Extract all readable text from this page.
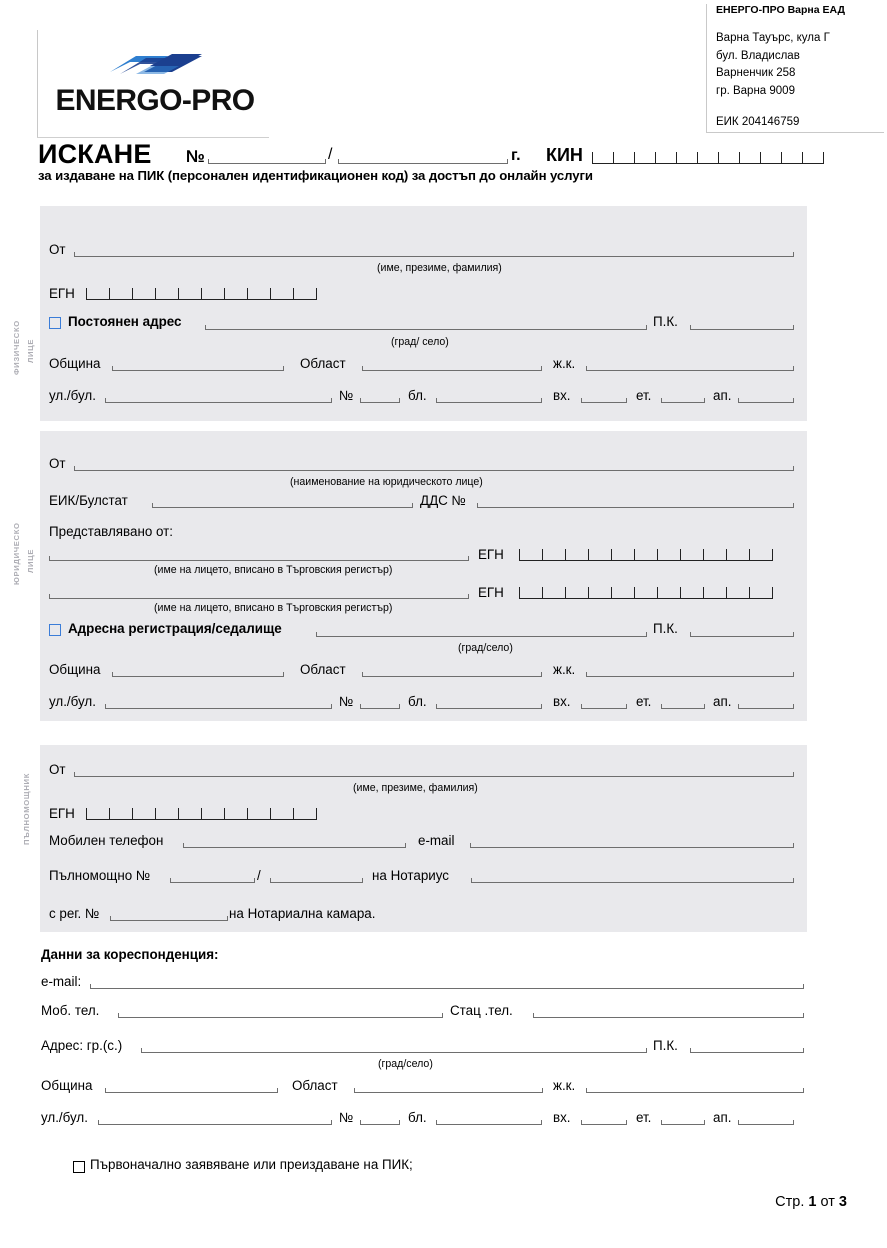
ENERGO-PRO
ЕНЕРГО-ПРО Варна ЕАД
Варна Тауърс, кула Г
бул. Владислав
Варненчик 258
гр. Варна 9009
ЕИК 204146759
ИСКАНЕ №	/	г. КИН
за издаване на ПИК (персонален идентификационен код) за достъп до онлайн услуги
ФИЗИЧЕСКО ЛИЦЕ
ЮРИДИЧЕСКО ЛИЦЕ
ПЪЛНОМОЩНИК
От
(име, презиме, фамилия)
ЕГН
Постоянен адрес
(град/ село)
П.К.
Община	Област	ж.к.
ул./бул.	№	бл.	вх.	ет.	ап.
От
(наименование на юридическото лице)
ЕИК/Булстат	ДДС №
Представлявано от:
(име на лицето, вписано в Търговския регистър)
ЕГН
(име на лицето, вписано в Търговския регистър)
ЕГН
Адресна регистрация/седалище
(град/село)
П.К.
Община	Област	ж.к.
ул./бул.	№	бл.	вх.	ет.	ап.
От
(име, презиме, фамилия)
ЕГН
Мобилен телефон	e-mail
Пълномощно №	/	на Нотариус
с рег. №	на Нотариална камара.
Данни за кореспонденция:
e-mail:
Моб. тел.	Стац .тел.
Адрес: гр.(с.)
(град/село)
П.К.
Община	Област	ж.к.
ул./бул.	№	бл.	вх.	ет.	ап.
Първоначално заявяване или преиздаване на ПИК;
Стр. 1 от 3
